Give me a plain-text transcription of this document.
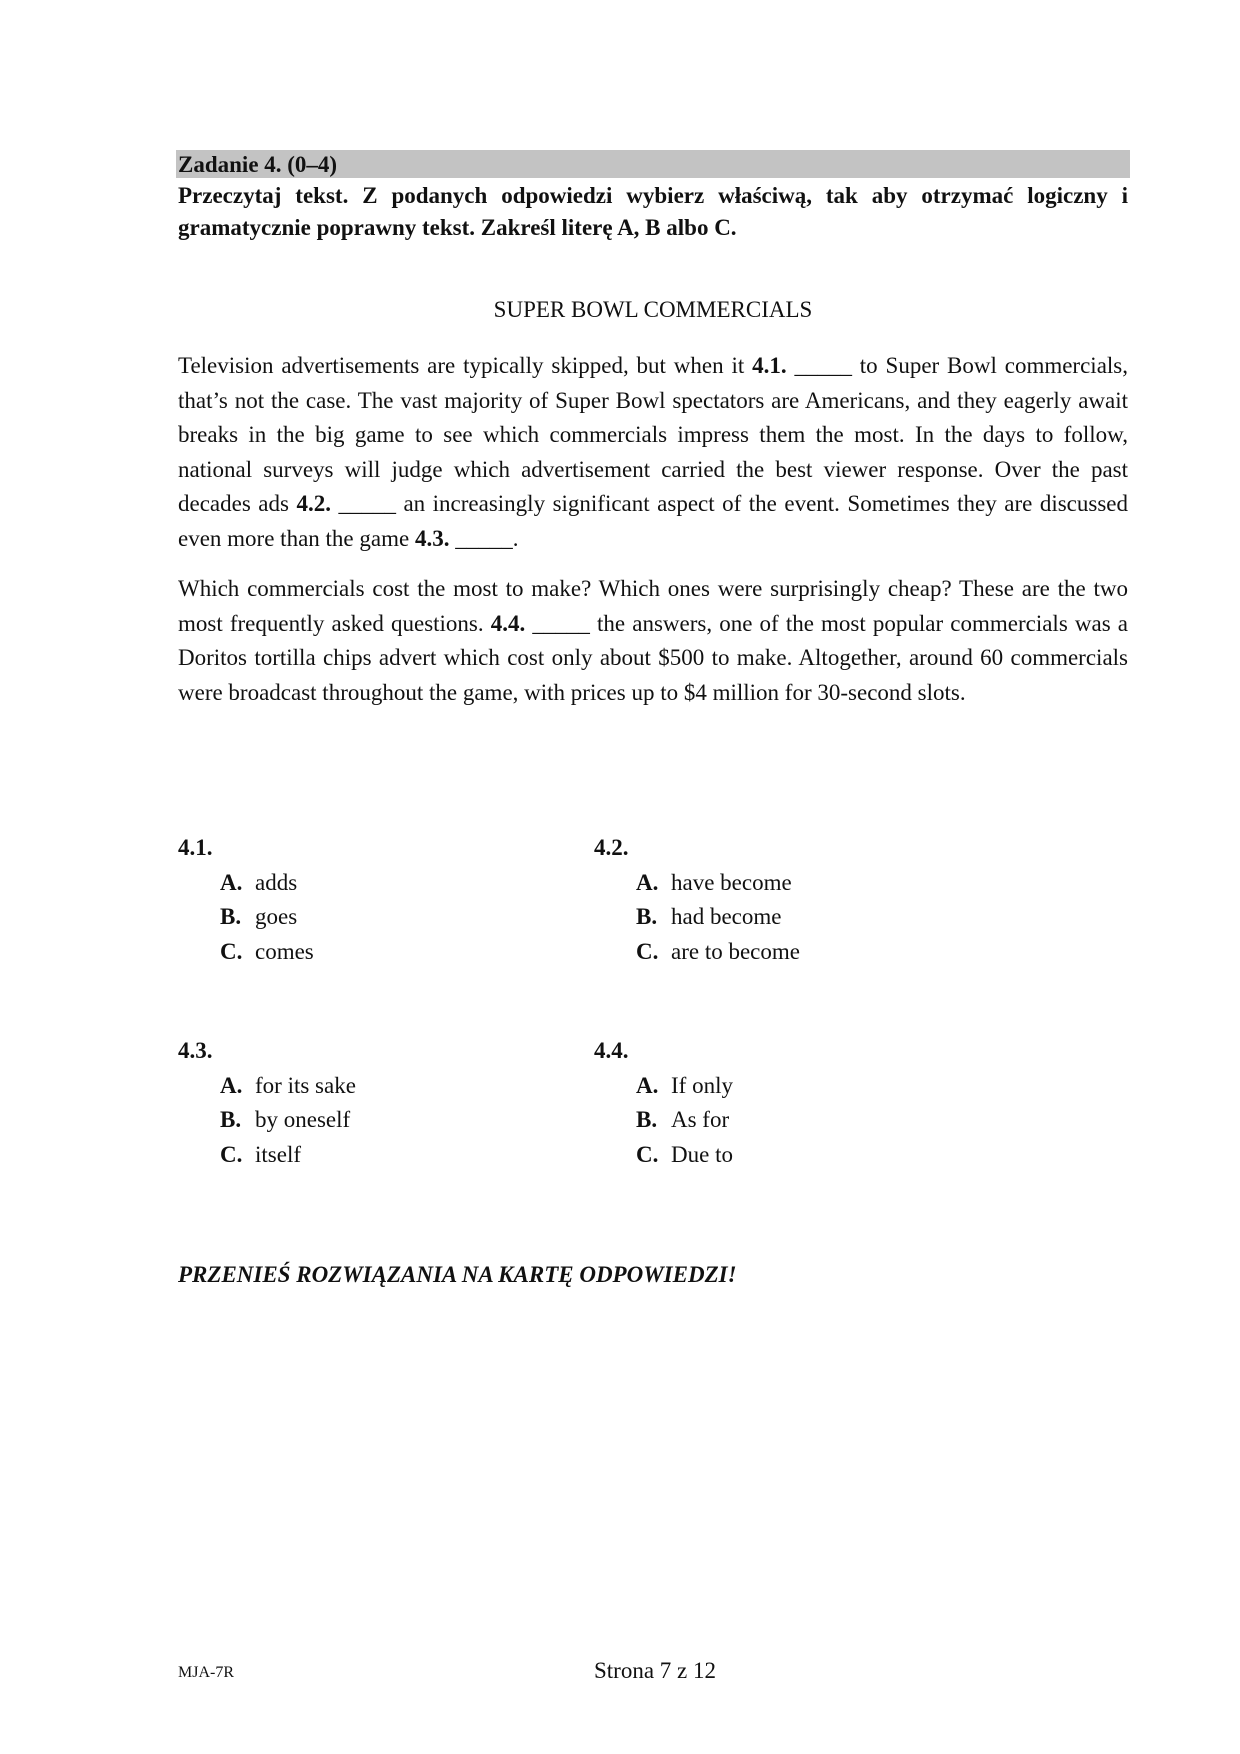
Zadanie 4. (0–4)
Przeczytaj tekst. Z podanych odpowiedzi wybierz właściwą, tak aby otrzymać logiczny i gramatycznie poprawny tekst. Zakreśl literę A, B albo C.
SUPER BOWL COMMERCIALS

Television advertisements are typically skipped, but when it 4.1. _____ to Super Bowl commercials, that’s not the case. The vast majority of Super Bowl spectators are Americans, and they eagerly await breaks in the big game to see which commercials impress them the most. In the days to follow, national surveys will judge which advertisement carried the best viewer response. Over the past decades ads 4.2. _____ an increasingly significant aspect of the event. Sometimes they are discussed even more than the game 4.3. _____.

Which commercials cost the most to make? Which ones were surprisingly cheap? These are the two most frequently asked questions. 4.4. _____ the answers, one of the most popular commercials was a Doritos tortilla chips advert which cost only about $500 to make. Altogether, around 60 commercials were broadcast throughout the game, with prices up to $4 million for 30-second slots.

4.1.
A. adds
B. goes
C. comes
4.2.
A. have become
B. had become
C. are to become
4.3.
A. for its sake
B. by oneself
C. itself
4.4.
A. If only
B. As for
C. Due to
PRZENIEŚ ROZWIĄZANIA NA KARTĘ ODPOWIEDZI!
MJA-7R	Strona 7 z 12
